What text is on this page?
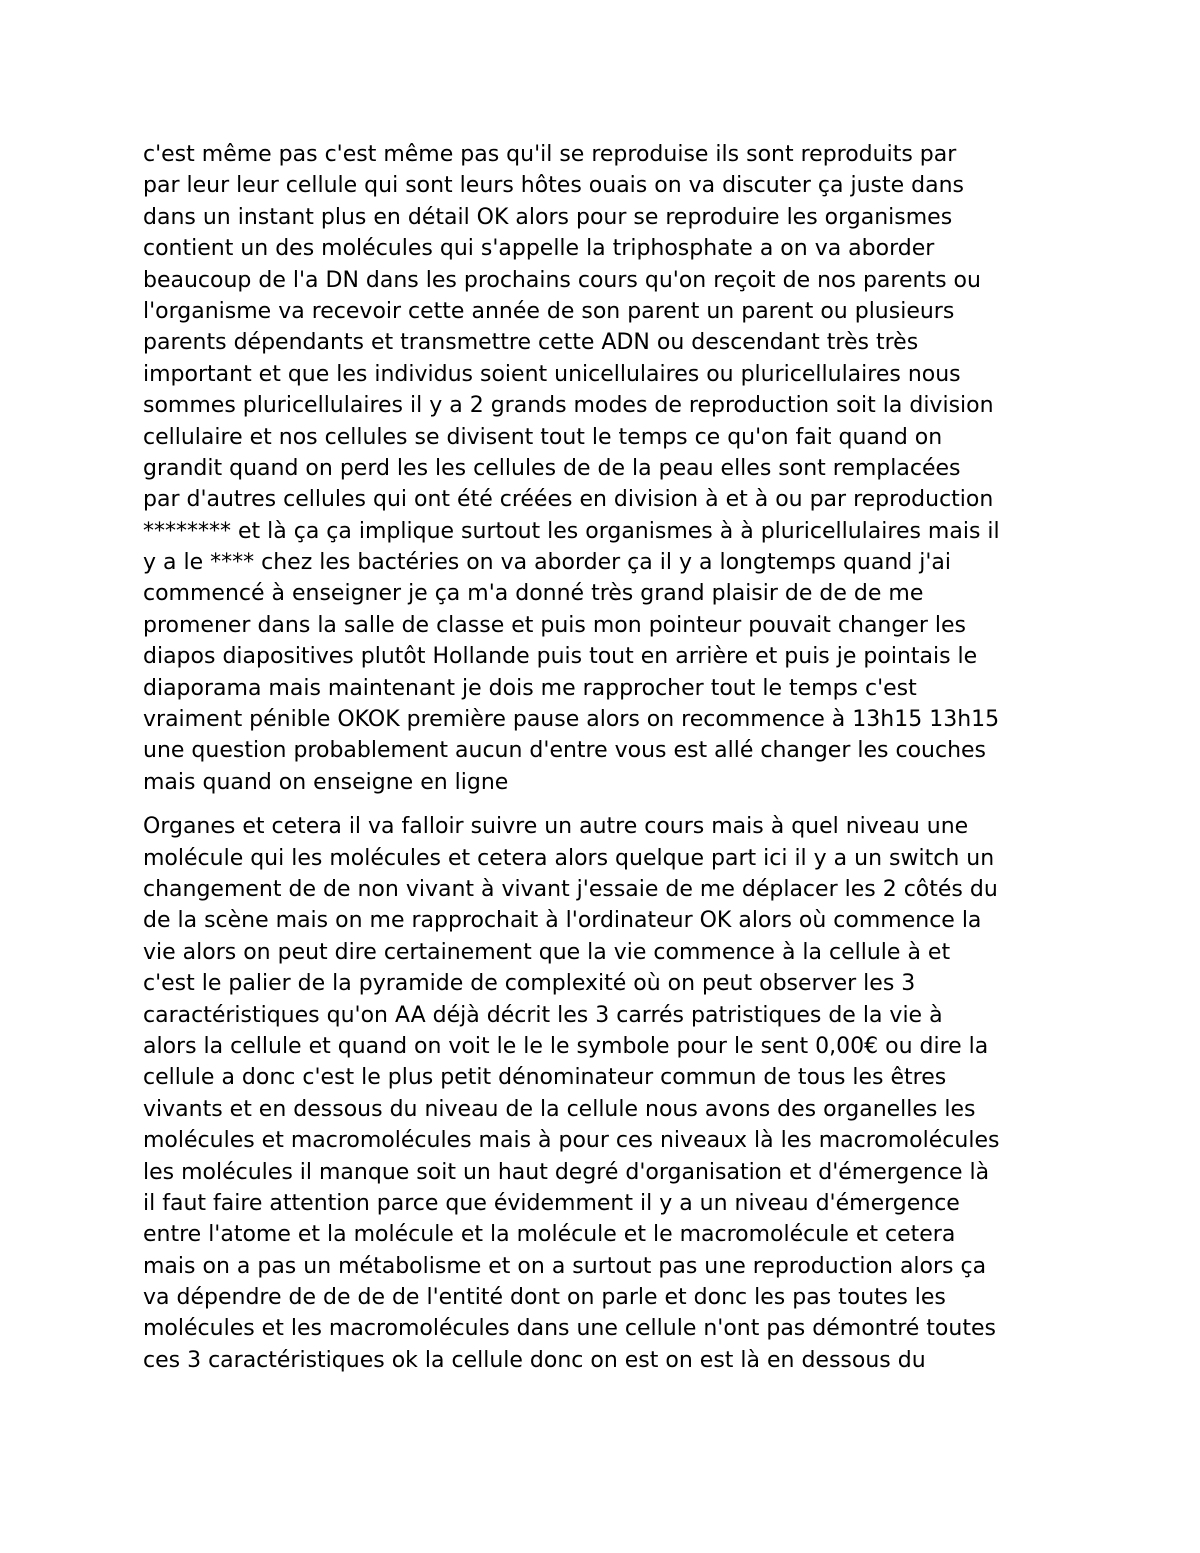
c'est même pas c'est même pas qu'il se reproduise ils sont reproduits par
par leur leur cellule qui sont leurs hôtes ouais on va discuter ça juste dans
dans un instant plus en détail OK alors pour se reproduire les organismes
contient un des molécules qui s'appelle la triphosphate a on va aborder
beaucoup de l'a DN dans les prochains cours qu'on reçoit de nos parents ou
l'organisme va recevoir cette année de son parent un parent ou plusieurs
parents dépendants et transmettre cette ADN ou descendant très très
important et que les individus soient unicellulaires ou pluricellulaires nous
sommes pluricellulaires il y a 2 grands modes de reproduction soit la division
cellulaire et nos cellules se divisent tout le temps ce qu'on fait quand on
grandit quand on perd les les cellules de de la peau elles sont remplacées
par d'autres cellules qui ont été créées en division à et à ou par reproduction
******** et là ça ça implique surtout les organismes à à pluricellulaires mais il
y a le **** chez les bactéries on va aborder ça il y a longtemps quand j'ai
commencé à enseigner je ça m'a donné très grand plaisir de de de me
promener dans la salle de classe et puis mon pointeur pouvait changer les
diapos diapositives plutôt Hollande puis tout en arrière et puis je pointais le
diaporama mais maintenant je dois me rapprocher tout le temps c'est
vraiment pénible OKOK première pause alors on recommence à 13h15 13h15
une question probablement aucun d'entre vous est allé changer les couches
mais quand on enseigne en ligne

Organes et cetera il va falloir suivre un autre cours mais à quel niveau une
molécule qui les molécules et cetera alors quelque part ici il y a un switch un
changement de de non vivant à vivant j'essaie de me déplacer les 2 côtés du
de la scène mais on me rapprochait à l'ordinateur OK alors où commence la
vie alors on peut dire certainement que la vie commence à la cellule à et
c'est le palier de la pyramide de complexité où on peut observer les 3
caractéristiques qu'on AA déjà décrit les 3 carrés patristiques de la vie à
alors la cellule et quand on voit le le le symbole pour le sent 0,00€ ou dire la
cellule a donc c'est le plus petit dénominateur commun de tous les êtres
vivants et en dessous du niveau de la cellule nous avons des organelles les
molécules et macromolécules mais à pour ces niveaux là les macromolécules
les molécules il manque soit un haut degré d'organisation et d'émergence là
il faut faire attention parce que évidemment il y a un niveau d'émergence
entre l'atome et la molécule et la molécule et le macromolécule et cetera
mais on a pas un métabolisme et on a surtout pas une reproduction alors ça
va dépendre de de de de l'entité dont on parle et donc les pas toutes les
molécules et les macromolécules dans une cellule n'ont pas démontré toutes
ces 3 caractéristiques ok la cellule donc on est on est là en dessous du
